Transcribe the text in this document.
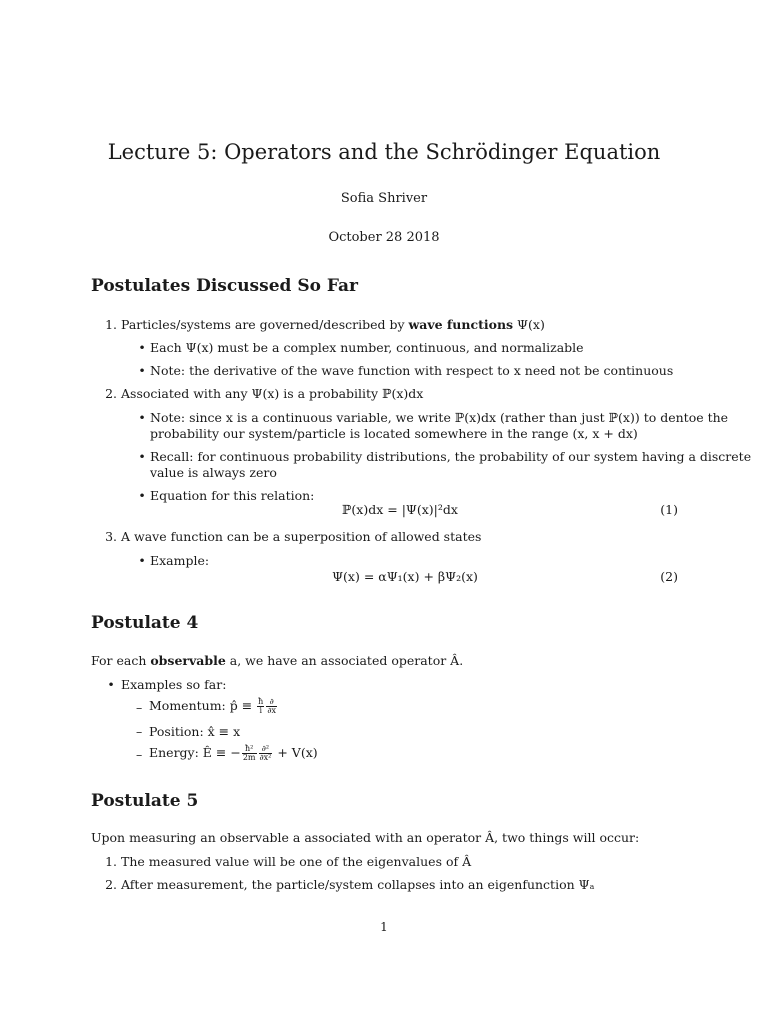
Lecture 5: Operators and the Schrödinger Equation
Sofia Shriver
October 28 2018
Postulates Discussed So Far
1. Particles/systems are governed/described by wave functions Ψ(x)
• Each Ψ(x) must be a complex number, continuous, and normalizable
• Note: the derivative of the wave function with respect to x need not be continuous
2. Associated with any Ψ(x) is a probability ℙ(x)dx
• Note: since x is a continuous variable, we write ℙ(x)dx (rather than just ℙ(x)) to dentoe the
probability our system/particle is located somewhere in the range (x, x + dx)
• Recall: for continuous probability distributions, the probability of our system having a discrete
value is always zero
• Equation for this relation:
ℙ(x)dx = |Ψ(x)|²dx	(1)
3. A wave function can be a superposition of allowed states
• Example:
Ψ(x) = αΨ₁(x) + βΨ₂(x)	(2)
Postulate 4
For each observable a, we have an associated operator Â.
• Examples so far:
– Momentum: p̂ ≡ $\frac{ħ}{i} \frac{\partial}{\partial x}$
– Position: x̂ ≡ x
– Energy: Ê ≡ − $\frac{\text{ħ²}}{2m} \frac{\text{∂²}}{\text{∂x²}} + V(x)$
Postulate 5
Upon measuring an observable a associated with an operator Â, two things will occur:
1. The measured value will be one of the eigenvalues of Â
2. After measurement, the particle/system collapses into an eigenfunction Ψₐ
1
